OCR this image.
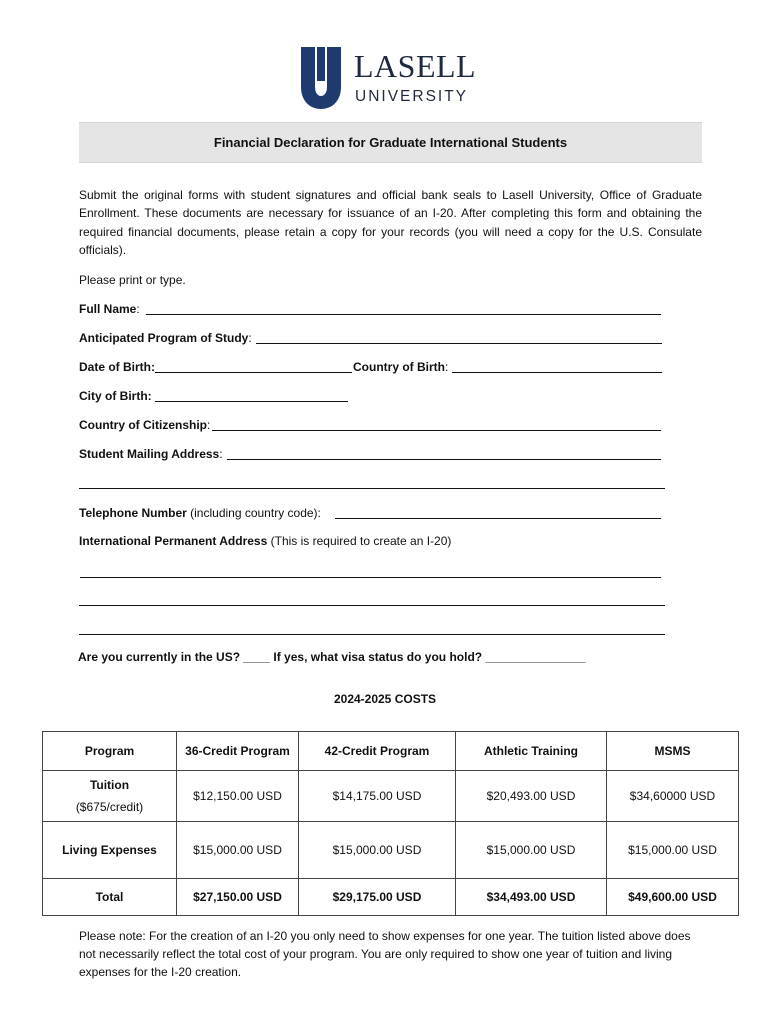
LASELL
UNIVERSITY
Financial Declaration for Graduate International Students
Submit the original forms with student signatures and official bank seals to Lasell University, Office of Graduate Enrollment. These documents are necessary for issuance of an I-20. After completing this form and obtaining the required financial documents, please retain a copy for your records (you will need a copy for the U.S. Consulate officials).
Please print or type.
Full Name:
Anticipated Program of Study:
Date of Birth:	Country of Birth:
City of Birth:
Country of Citizenship:
Student Mailing Address:
Telephone Number (including country code):
International Permanent Address (This is required to create an I-20)
Are you currently in the US? ____ If yes, what visa status do you hold? _______________
2024-2025 COSTS
Program	36-Credit Program	42-Credit Program	Athletic Training	MSMS
Tuition
($675/credit)	$12,150.00 USD	$14,175.00 USD	$20,493.00 USD	$34,60000 USD
Living Expenses	$15,000.00 USD	$15,000.00 USD	$15,000.00 USD	$15,000.00 USD
Total	$27,150.00 USD	$29,175.00 USD	$34,493.00 USD	$49,600.00 USD
Please note: For the creation of an I-20 you only need to show expenses for one year. The tuition listed above does not necessarily reflect the total cost of your program. You are only required to show one year of tuition and living expenses for the I-20 creation.
